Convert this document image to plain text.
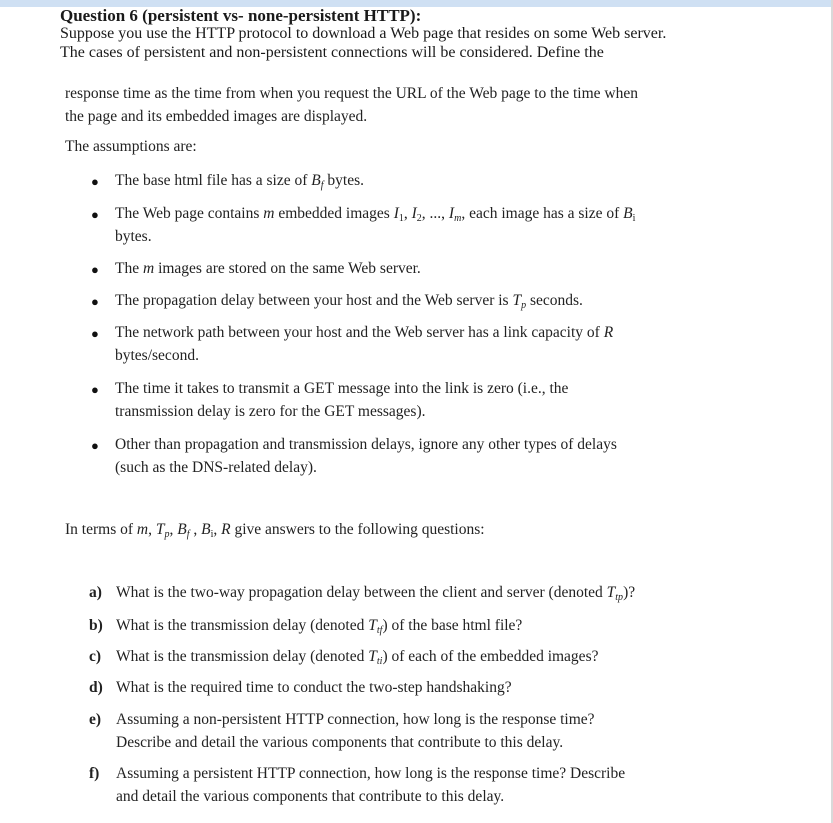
Question 6 (persistent vs- none-persistent HTTP):
Suppose you use the HTTP protocol to download a Web page that resides on some Web server.
The cases of persistent and non-persistent connections will be considered. Define the
response time as the time from when you request the URL of the Web page to the time when
the page and its embedded images are displayed.
The assumptions are:
● The base html file has a size of $B_f$ bytes.
● The Web page contains m embedded images $I_1$, $I_2$, ..., $I_m$, each image has a size of $B_i$
bytes.
● The m images are stored on the same Web server.
● The propagation delay between your host and the Web server is $T_p$ seconds.
● The network path between your host and the Web server has a link capacity of R
bytes/second.
● The time it takes to transmit a GET message into the link is zero (i.e., the
transmission delay is zero for the GET messages).
● Other than propagation and transmission delays, ignore any other types of delays
(such as the DNS-related delay).
In terms of m, $T_p$, $B_f$ , $B_i$, R give answers to the following questions:
a) What is the two-way propagation delay between the client and server (denoted $T_{tp}$)?
b) What is the transmission delay (denoted $T_{tf}$) of the base html file?
c) What is the transmission delay (denoted $T_{ti}$) of each of the embedded images?
d) What is the required time to conduct the two-step handshaking?
e) Assuming a non-persistent HTTP connection, how long is the response time?
Describe and detail the various components that contribute to this delay.
f) Assuming a persistent HTTP connection, how long is the response time? Describe
and detail the various components that contribute to this delay.
